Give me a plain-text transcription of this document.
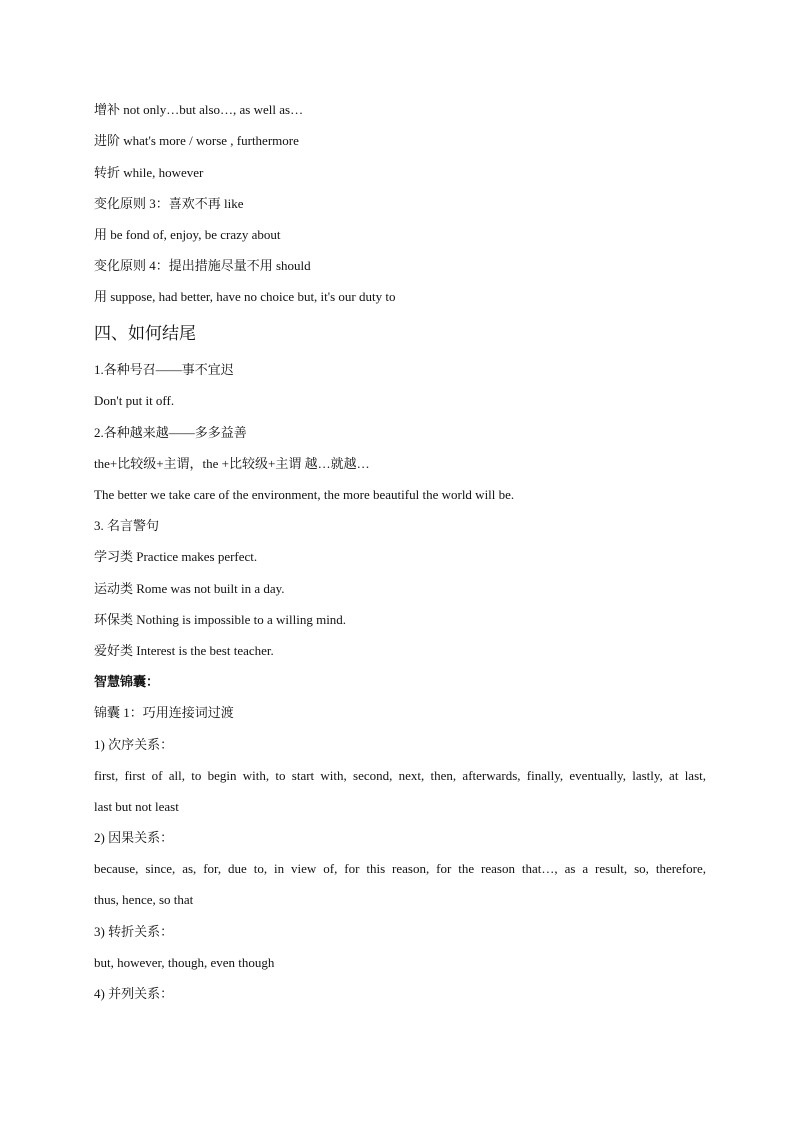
增补 not only…but also…, as well as…
进阶 what's more / worse , furthermore
转折 while, however
变化原则 3：喜欢不再 like
用 be fond of, enjoy, be crazy about
变化原则 4：提出措施尽量不用 should
用 suppose, had better, have no choice but, it's our duty to
四、如何结尾
1.各种号召——事不宜迟
Don't put it off.
2.各种越来越——多多益善
the+比较级+主谓，the +比较级+主谓 越…就越…
The better we take care of the environment, the more beautiful the world will be.
3. 名言警句
学习类 Practice makes perfect.
运动类 Rome was not built in a day.
环保类 Nothing is impossible to a willing mind.
爱好类 Interest is the best teacher.
智慧锦囊：
锦囊 1：巧用连接词过渡
1) 次序关系：
first, first of all, to begin with, to start with, second, next, then, afterwards, finally, eventually, lastly, at last,
last but not least
2) 因果关系：
because, since, as, for, due to, in view of, for this reason, for the reason that…, as a result, so, therefore,
thus, hence, so that
3) 转折关系：
but, however, though, even though
4) 并列关系：
